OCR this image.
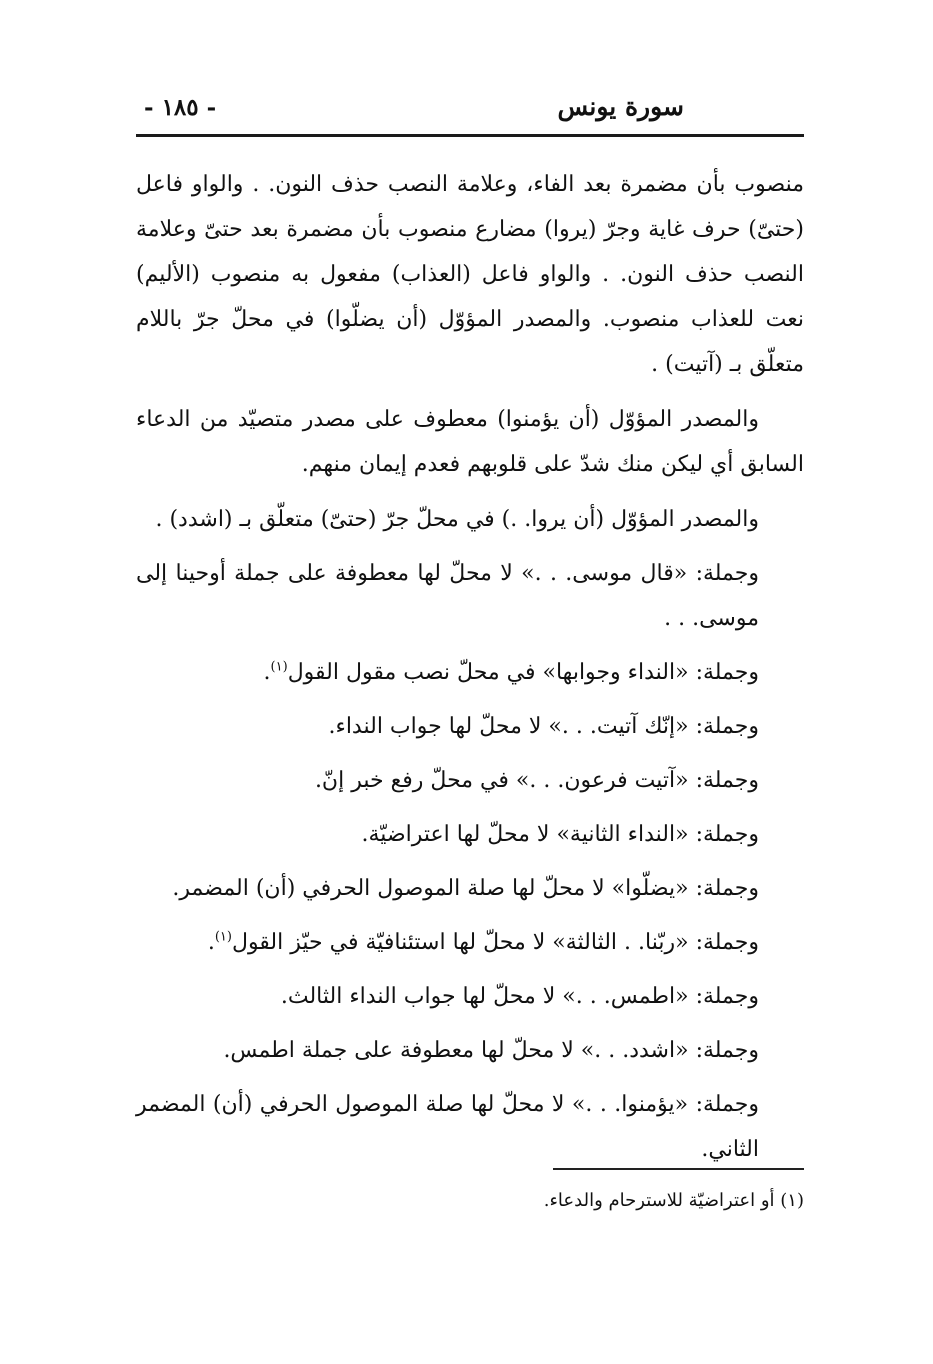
سورة يونس
- ١٨٥ -

منصوب بأن مضمرة بعد الفاء، وعلامة النصب حذف النون. . والواو فاعل (حتىّ) حرف غاية وجرّ (يروا) مضارع منصوب بأن مضمرة بعد حتىّ وعلامة النصب حذف النون. . والواو فاعل (العذاب) مفعول به منصوب (الأليم) نعت للعذاب منصوب. والمصدر المؤوّل (أن يضلّوا) في محلّ جرّ باللام متعلّق بـ (آتيت) .

والمصدر المؤوّل (أن يؤمنوا) معطوف على مصدر متصيّد من الدعاء السابق أي ليكن منك شدّ على قلوبهم فعدم إيمان منهم.

والمصدر المؤوّل (أن يروا. .) في محلّ جرّ (حتىّ) متعلّق بـ (اشدد) .

وجملة: «قال موسى. . .» لا محلّ لها معطوفة على جملة أوحينا إلى موسى. . .

وجملة: «النداء وجوابها» في محلّ نصب مقول القول$^{(١)}$.

وجملة: «إنّك آتيت. . .» لا محلّ لها جواب النداء.

وجملة: «آتيت فرعون. . .» في محلّ رفع خبر إنّ.

وجملة: «النداء الثانية» لا محلّ لها اعتراضيّة.

وجملة: «يضلّوا» لا محلّ لها صلة الموصول الحرفي (أن) المضمر.

وجملة: «ربّنا. . الثالثة» لا محلّ لها استئنافيّة في حيّز القول$^{(١)}$.

وجملة: «اطمس. . .» لا محلّ لها جواب النداء الثالث.

وجملة: «اشدد. . .» لا محلّ لها معطوفة على جملة اطمس.

وجملة: «يؤمنوا. . .» لا محلّ لها صلة الموصول الحرفي (أن) المضمر الثاني.

(١) أو اعتراضيّة للاسترحام والدعاء.
